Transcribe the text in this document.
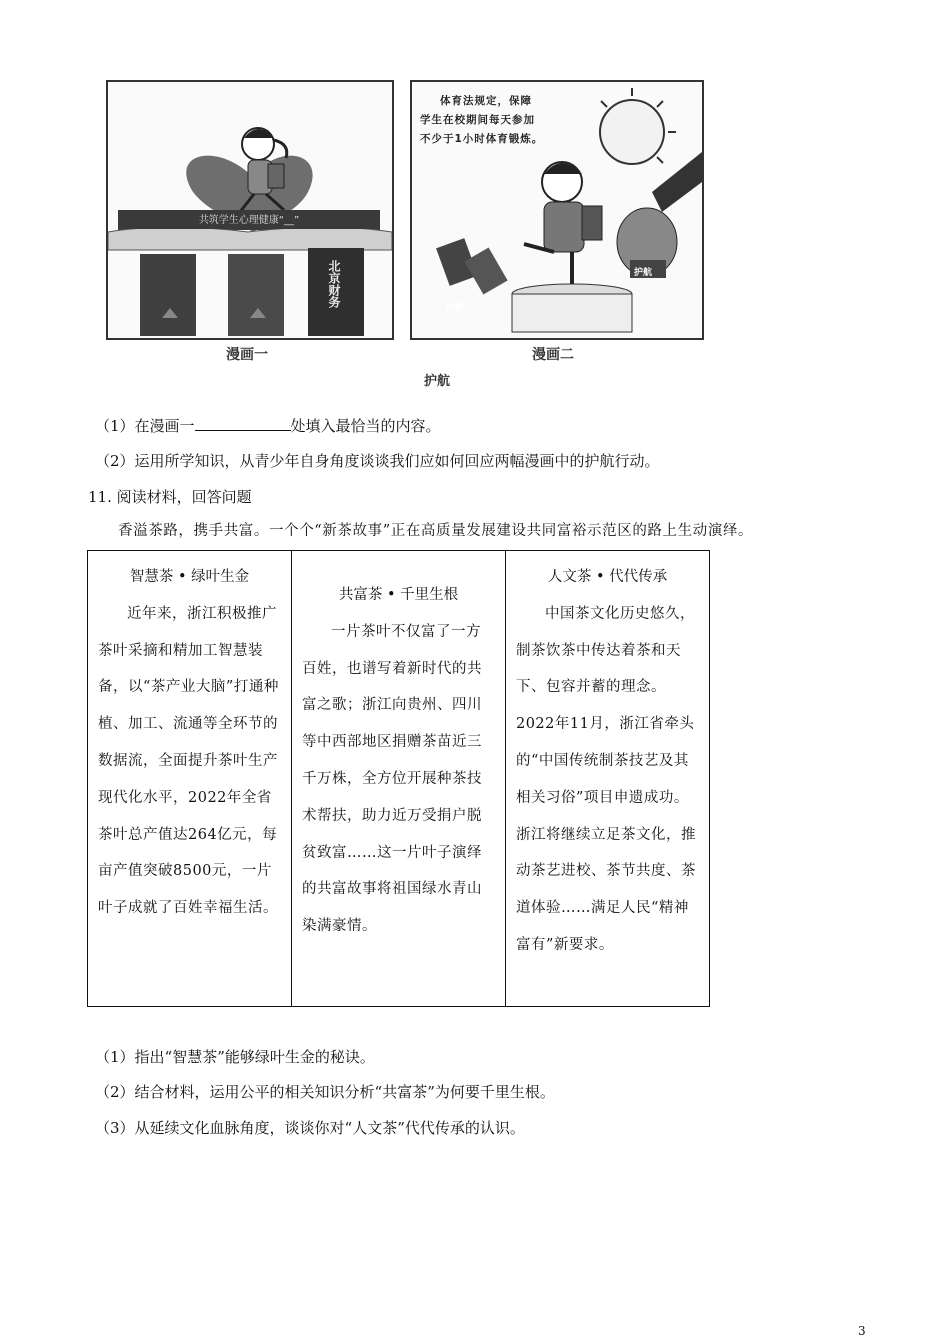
共筑学生心理健康“__”
北京财务
漫画一
体育法规定，保障
学生在校期间每天参加
不少于1小时体育锻炼。
护航
护航
漫画二
护航
（1）在漫画一	处填入最恰当的内容。
（2）运用所学知识，从青少年自身角度谈谈我们应如何回应两幅漫画中的护航行动。
11. 阅读材料，回答问题
香溢茶路，携手共富。一个个“新茶故事”正在高质量发展建设共同富裕示范区的路上生动演绎。
智慧茶 • 绿叶生金
近年来，浙江积极推广茶叶采摘和精加工智慧装备，以“茶产业大脑”打通种植、加工、流通等全环节的数据流，全面提升茶叶生产现代化水平，2022年全省茶叶总产值达264亿元，每亩产值突破8500元，一片叶子成就了百姓幸福生活。

共富茶 • 千里生根
一片茶叶不仅富了一方百姓，也谱写着新时代的共富之歌；浙江向贵州、四川等中西部地区捐赠茶苗近三千万株，全方位开展种茶技术帮扶，助力近万受捐户脱贫致富……这一片叶子演绎的共富故事将祖国绿水青山染满豪情。

人文茶 • 代代传承
中国茶文化历史悠久，制茶饮茶中传达着茶和天下、包容并蓄的理念。2022年11月，浙江省牵头的“中国传统制茶技艺及其相关习俗”项目申遗成功。浙江将继续立足茶文化，推动茶艺进校、茶节共度、茶道体验……满足人民“精神富有”新要求。
（1）指出“智慧茶”能够绿叶生金的秘诀。
（2）结合材料，运用公平的相关知识分析“共富茶”为何要千里生根。
（3）从延续文化血脉角度，谈谈你对“人文茶”代代传承的认识。
3
